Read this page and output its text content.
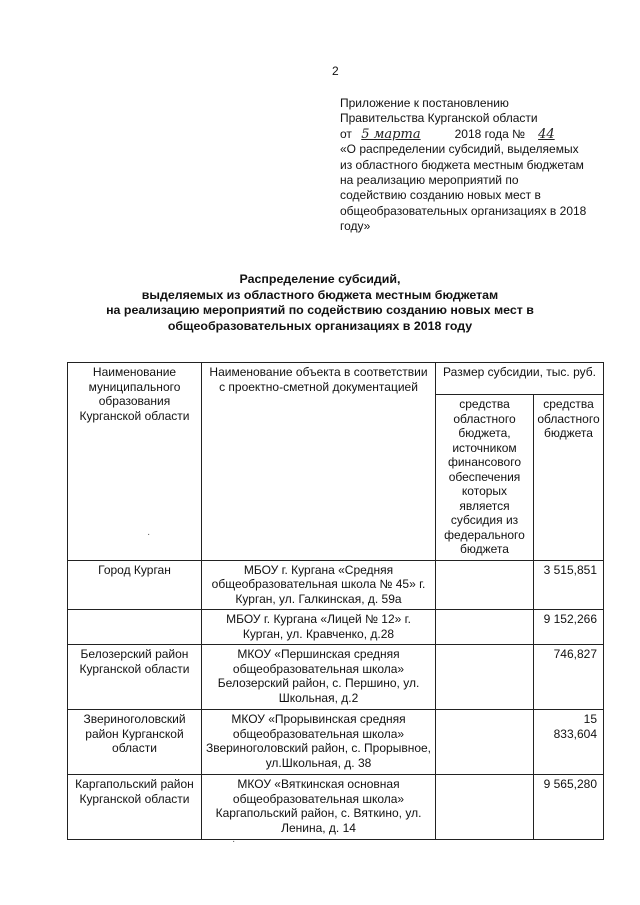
2
Приложение к постановлению
Правительства Курганской области
от 5 марта	2018 года № 44
«О распределении субсидий, выделяемых
из областного бюджета местным бюджетам
на реализацию мероприятий по
содействию созданию новых мест в
общеобразовательных организациях в 2018
году»
Распределение субсидий,
выделяемых из областного бюджета местным бюджетам
на реализацию мероприятий по содействию созданию новых мест в
общеобразовательных организациях в 2018 году
Наименование муниципального образования Курганской области	Наименование объекта в соответствии с проектно-сметной документацией	Размер субсидии, тыс. руб.	
		средства областного бюджета, источником финансового обеспечения которых является субсидия из федерального бюджета	средства областного бюджета
Город Курган	МБОУ г. Кургана «Средняя общеобразовательная школа № 45» г. Курган, ул. Галкинская, д. 59а		3 515,851
	МБОУ г. Кургана «Лицей № 12» г. Курган, ул. Кравченко, д.28		9 152,266
Белозерский район Курганской области	МКОУ «Першинская средняя общеобразовательная школа» Белозерский район, с. Першино, ул. Школьная, д.2		746,827
Звериноголовский район Курганской области	МКОУ «Прорывинская средняя общеобразовательная школа» Звериноголовский район, с. Прорывное, ул.Школьная, д. 38		15 833,604
Каргапольский район Курганской области	МКОУ «Вяткинская основная общеобразовательная школа» Каргапольский район, с. Вяткино, ул. Ленина, д. 14		9 565,280
·
·
